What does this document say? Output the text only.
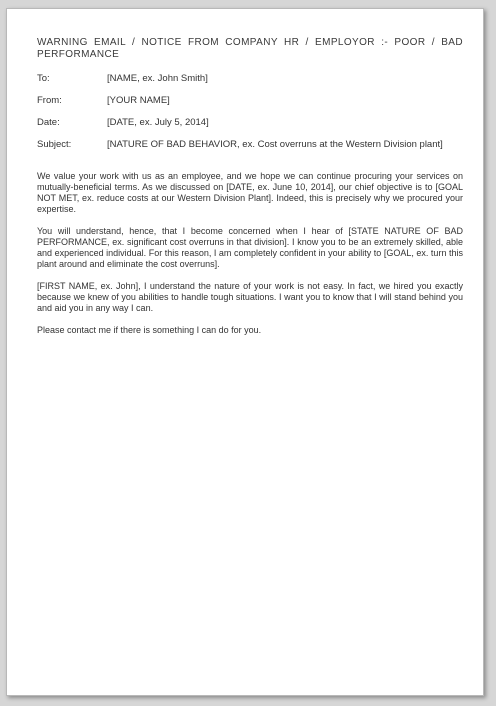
WARNING EMAIL / NOTICE FROM COMPANY HR / EMPLOYOR :- POOR / BAD PERFORMANCE

To:	[NAME, ex. John Smith]
From:	[YOUR NAME]
Date:	[DATE, ex. July 5, 2014]
Subject:	[NATURE OF BAD BEHAVIOR, ex. Cost overruns at the Western Division plant]

We value your work with us as an employee, and we hope we can continue procuring your services on mutually-beneficial terms. As we discussed on [DATE, ex. June 10, 2014], our chief objective is to [GOAL NOT MET, ex. reduce costs at our Western Division Plant]. Indeed, this is precisely why we procured your expertise.

You will understand, hence, that I become concerned when I hear of [STATE NATURE OF BAD PERFORMANCE, ex. significant cost overruns in that division]. I know you to be an extremely skilled, able and experienced individual. For this reason, I am completely confident in your ability to [GOAL, ex. turn this plant around and eliminate the cost overruns].

[FIRST NAME, ex. John], I understand the nature of your work is not easy. In fact, we hired you exactly because we knew of you abilities to handle tough situations. I want you to know that I will stand behind you and aid you in any way I can.

Please contact me if there is something I can do for you.
